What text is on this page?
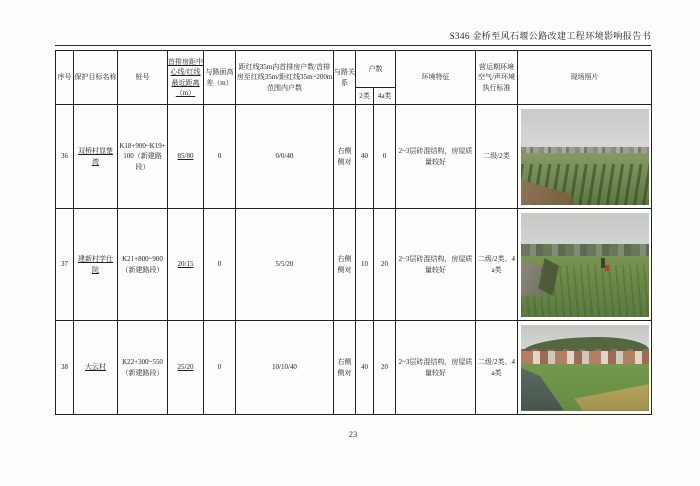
S346 金桥至风石堰公路改建工程环境影响报告书
序号	保护目标名称	桩号	首排房距中心线/红线最近距离（m）	与路面高差（m）	距红线35m内首排房户数/首排房至红线35m/距红线35m~200m范围内户数	与路关系	户数		环境特征	营运期环境空气/声环境执行标准	现场照片
							2类	4a类			
36	双桥村显楚湾	K18+900~K19+100（新建路段）	85/80	0	0/0/40	右侧侧对	40	0	2~3层砖混结构，房屋质量较好	二级/2类	

37	建新村学仕院	K21+800~900（新建路段）	20/15	0	5/5/20	右侧侧对	10	20	2~3层砖混结构，房屋质量较好	二级/2类、4a类	

38	大云村	K22+300~550（新建路段）	25/20	0	10/10/40	右侧侧对	40	20	2~3层砖混结构，房屋质量较好	二级/2类、4a类	
23
